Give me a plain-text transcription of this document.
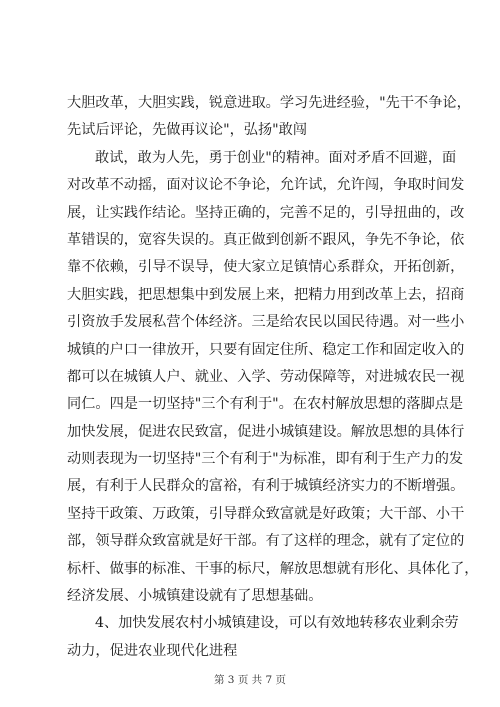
大胆改革，大胆实践，锐意进取。学习先进经验，"先干不争论，
先试后评论，先做再议论"，弘扬"敢闯
敢试，敢为人先，勇于创业"的精神。面对矛盾不回避，面
对改革不动摇，面对议论不争论，允许试，允许闯，争取时间发
展，让实践作结论。坚持正确的，完善不足的，引导扭曲的，改
革错误的，宽容失误的。真正做到创新不跟风，争先不争论，依
靠不依赖，引导不误导，使大家立足镇情心系群众，开拓创新，
大胆实践，把思想集中到发展上来，把精力用到改革上去，招商
引资放手发展私营个体经济。三是给农民以国民待遇。对一些小
城镇的户口一律放开，只要有固定住所、稳定工作和固定收入的
都可以在城镇人户、就业、入学、劳动保障等，对进城农民一视
同仁。四是一切坚持"三个有利于"。在农村解放思想的落脚点是
加快发展，促进农民致富，促进小城镇建设。解放思想的具体行
动则表现为一切坚持"三个有利于"为标准，即有利于生产力的发
展，有利于人民群众的富裕，有利于城镇经济实力的不断增强。
坚持干政策、万政策，引导群众致富就是好政策；大干部、小干
部，领导群众致富就是好干部。有了这样的理念，就有了定位的
标杆、做事的标准、干事的标尺，解放思想就有形化、具体化了，
经济发展、小城镇建设就有了思想基础。
4、加快发展农村小城镇建设，可以有效地转移农业剩余劳
动力，促进农业现代化进程
第 3 页 共 7 页
